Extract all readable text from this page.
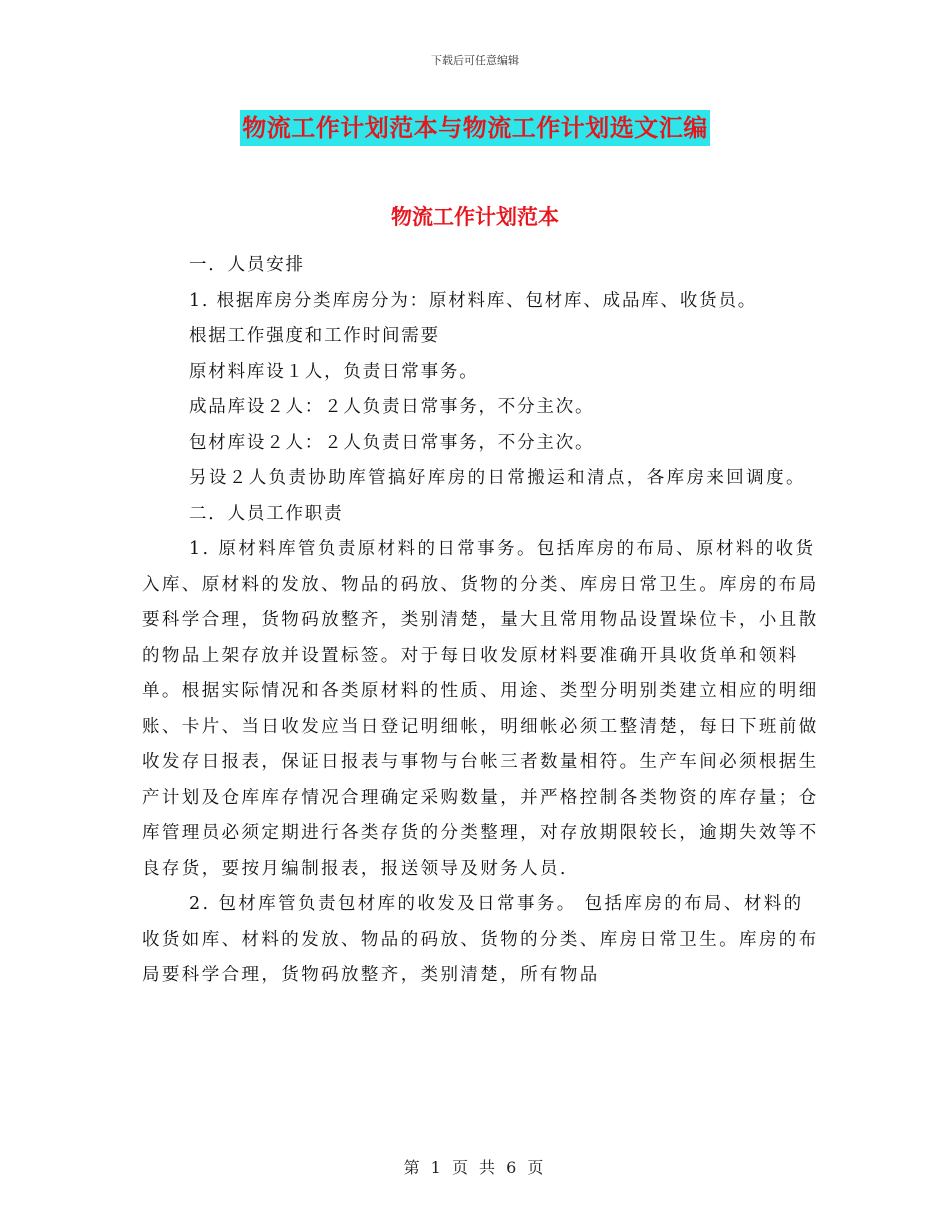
下载后可任意编辑
物流工作计划范本与物流工作计划选文汇编
物流工作计划范本

一．人员安排

1. 根据库房分类库房分为：原材料库、包材库、成品库、收货员。

根据工作强度和工作时间需要

原材料库设１人，负责日常事务。

成品库设２人：２人负责日常事务，不分主次。

包材库设２人：２人负责日常事务，不分主次。

另设２人负责协助库管搞好库房的日常搬运和清点，各库房来回调度。

二．人员工作职责

1. 原材料库管负责原材料的日常事务。包括库房的布局、原材料的收货入库、原材料的发放、物品的码放、货物的分类、库房日常卫生。库房的布局要科学合理，货物码放整齐，类别清楚，量大且常用物品设置垛位卡，小且散的物品上架存放并设置标签。对于每日收发原材料要准确开具收货单和领料单。根据实际情况和各类原材料的性质、用途、类型分明别类建立相应的明细账、卡片、当日收发应当日登记明细帐，明细帐必须工整清楚，每日下班前做收发存日报表，保证日报表与事物与台帐三者数量相符。生产车间必须根据生产计划及仓库库存情况合理确定采购数量，并严格控制各类物资的库存量；仓库管理员必须定期进行各类存货的分类整理，对存放期限较长，逾期失效等不良存货，要按月编制报表，报送领导及财务人员.

2. 包材库管负责包材库的收发及日常事务。 包括库房的布局、材料的收货如库、材料的发放、物品的码放、货物的分类、库房日常卫生。库房的布局要科学合理，货物码放整齐，类别清楚，所有物品

第 1 页 共 6 页
